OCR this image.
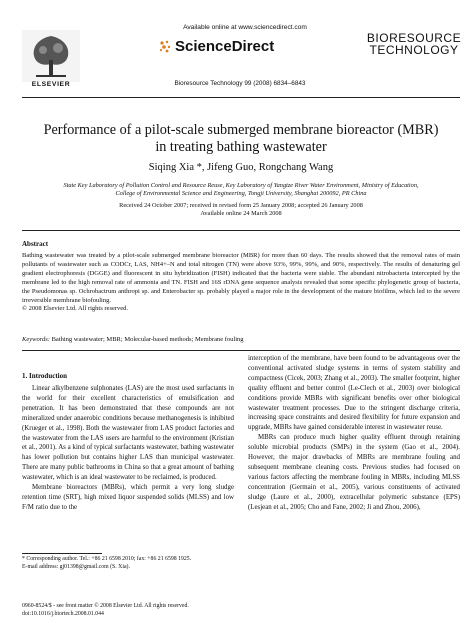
ELSEVIER
Available online at www.sciencedirect.com
ScienceDirect
Bioresource Technology 99 (2008) 6834–6843
BIORESOURCE
TECHNOLOGY
Performance of a pilot-scale submerged membrane bioreactor (MBR)
in treating bathing wastewater
Siqing Xia *, Jifeng Guo, Rongchang Wang
State Key Laboratory of Pollution Control and Resource Reuse, Key Laboratory of Yangtze River Water Environment, Ministry of Education,
College of Environmental Science and Engineering, Tongji University, Shanghai 200092, PR China
Received 24 October 2007; received in revised form 25 January 2008; accepted 26 January 2008
Available online 24 March 2008
Abstract
Bathing wastewater was treated by a pilot-scale submerged membrane bioreactor (MBR) for more than 60 days. The results showed that the removal rates of main pollutants of wastewater such as CODCr, LAS, NH4+–N and total nitrogen (TN) were above 93%, 99%, 99%, and 90%, respectively. The results of denaturing gel gradient electrophoresis (DGGE) and fluorescent in situ hybridization (FISH) indicated that the bacteria were stable. The abundant nitrobacteria intercepted by the membrane led to the high removal rate of ammonia and TN. FISH and 16S rDNA gene sequence analysis revealed that some specific phylogenetic group of bacteria, the Pseudomonas sp. Ochrobactrum anthropi sp. and Enterobacter sp. probably played a major role in the development of the mature biofilms, which led to the severe irreversible membrane biofouling.
© 2008 Elsevier Ltd. All rights reserved.
Keywords: Bathing wastewater; MBR; Molecular-based methods; Membrane fouling
1. Introduction

Linear alkylbenzene sulphonates (LAS) are the most used surfactants in the world for their excellent characteristics of emulsification and penetration. It has been demonstrated that these compounds are not mineralized under anaerobic conditions because methanogenesis is inhibited (Krueger et al., 1998). Both the wastewater from LAS product factories and the wastewater from the LAS users are harmful to the environment (Kristian et al., 2001). As a kind of typical surfactants wastewater, bathing wastewater has lower pollution but contains higher LAS than municipal wastewater. There are many public bathrooms in China so that a great amount of bathing wastewater, which is an ideal wastewater to be reclaimed, is produced.

Membrane bioreactors (MBRs), which permit a very long sludge retention time (SRT), high mixed liquor suspended solids (MLSS) and low F/M ratio due to the

interception of the membrane, have been found to be advantageous over the conventional activated sludge systems in terms of system stability and compactness (Cicek, 2003; Zhang et al., 2003). The smaller footprint, higher quality effluent and better control (Le-Clech et al., 2003) over biological conditions provide MBRs with significant benefits over other biological wastewater treatment processes. Due to the stringent discharge criteria, increasing space constraints and desired flexibility for future expansion and upgrade, MBRs have gained considerable interest in wastewater reuse.

MBRs can produce much higher quality effluent through retaining soluble microbial products (SMPs) in the system (Gao et al., 2004). However, the major drawbacks of MBRs are membrane fouling and subsequent membrane cleaning costs. Previous studies had focused on various factors affecting the membrane fouling in MBRs, including MLSS concentration (Germain et al., 2005), various constituents of activated sludge (Laure et al., 2000), extracellular polymeric substance (EPS) (Lesjean et al., 2005; Cho and Fane, 2002; Ji and Zhou, 2006),

* Corresponding author. Tel.: +86 21 6598 2010; fax: +86 21 6598 1925.
E-mail address: gj01398@gmail.com (S. Xia).
0960-8524/$ - see front matter © 2008 Elsevier Ltd. All rights reserved.
doi:10.1016/j.biortech.2008.01.044
